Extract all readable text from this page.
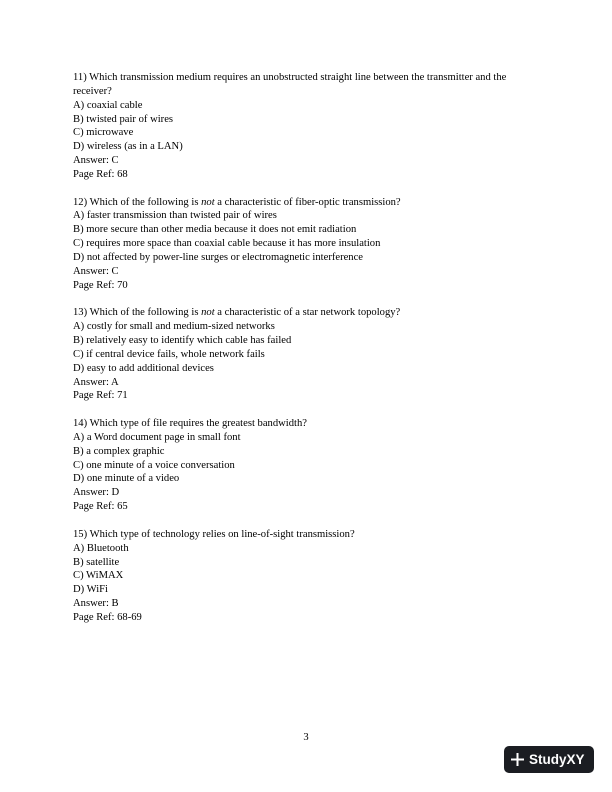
11) Which transmission medium requires an unobstructed straight line between the transmitter and the receiver?
A) coaxial cable
B) twisted pair of wires
C) microwave
D) wireless (as in a LAN)
Answer: C
Page Ref: 68
12) Which of the following is not a characteristic of fiber-optic transmission?
A) faster transmission than twisted pair of wires
B) more secure than other media because it does not emit radiation
C) requires more space than coaxial cable because it has more insulation
D) not affected by power-line surges or electromagnetic interference
Answer: C
Page Ref: 70
13) Which of the following is not a characteristic of a star network topology?
A) costly for small and medium-sized networks
B) relatively easy to identify which cable has failed
C) if central device fails, whole network fails
D) easy to add additional devices
Answer: A
Page Ref: 71
14) Which type of file requires the greatest bandwidth?
A) a Word document page in small font
B) a complex graphic
C) one minute of a voice conversation
D) one minute of a video
Answer: D
Page Ref: 65
15) Which type of technology relies on line-of-sight transmission?
A) Bluetooth
B) satellite
C) WiMAX
D) WiFi
Answer: B
Page Ref: 68-69
3
Study XY
